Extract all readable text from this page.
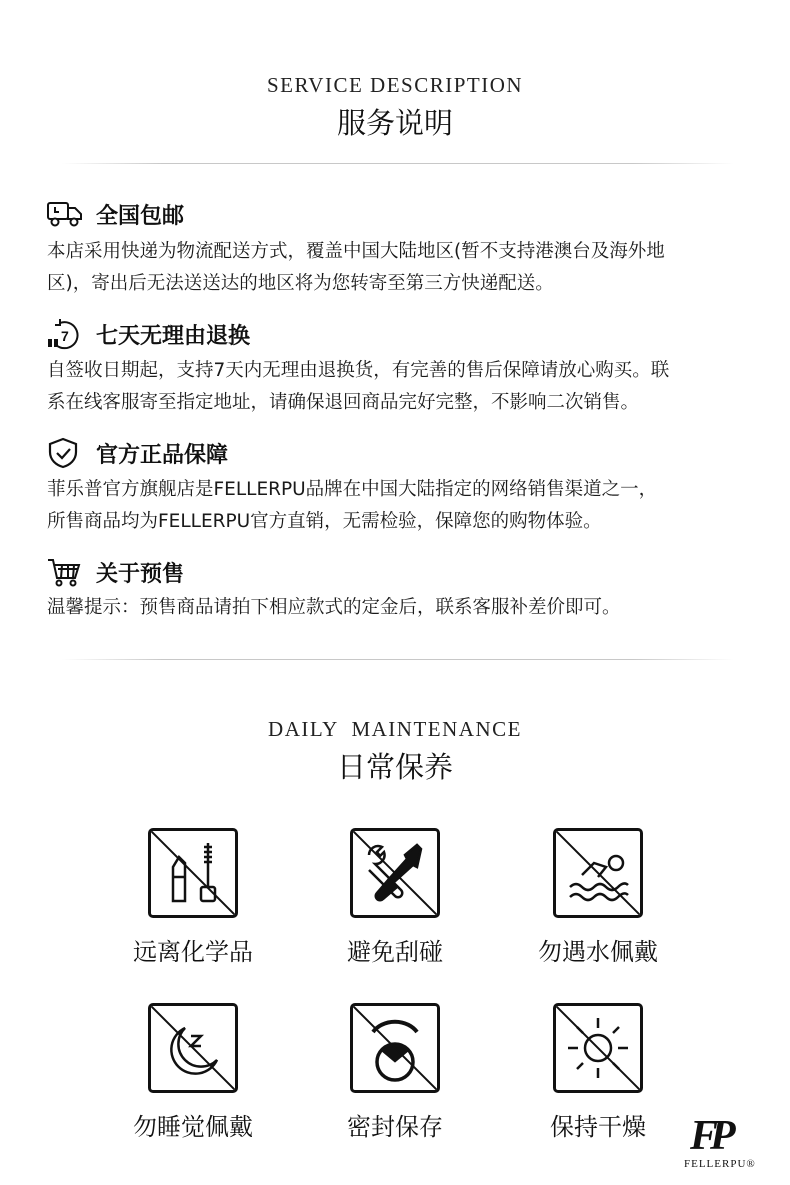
SERVICE DESCRIPTION
服务说明
全国包邮
本店采用快递为物流配送方式，覆盖中国大陆地区(暂不支持港澳台及海外地
区)，寄出后无法送送达的地区将为您转寄至第三方快递配送。
7 七天无理由退换
自签收日期起，支持7天内无理由退换货，有完善的售后保障请放心购买。联
系在线客服寄至指定地址，请确保退回商品完好完整，不影响二次销售。
官方正品保障
菲乐普官方旗舰店是FELLERPU品牌在中国大陆指定的网络销售渠道之一，
所售商品均为FELLERPU官方直销，无需检验，保障您的购物体验。
关于预售
温馨提示：预售商品请拍下相应款式的定金后，联系客服补差价即可。
DAILY  MAINTENANCE
日常保养
远离化学品	避免刮碰	勿遇水佩戴
勿睡觉佩戴	密封保存	保持干燥	FP
FELLERPU®
